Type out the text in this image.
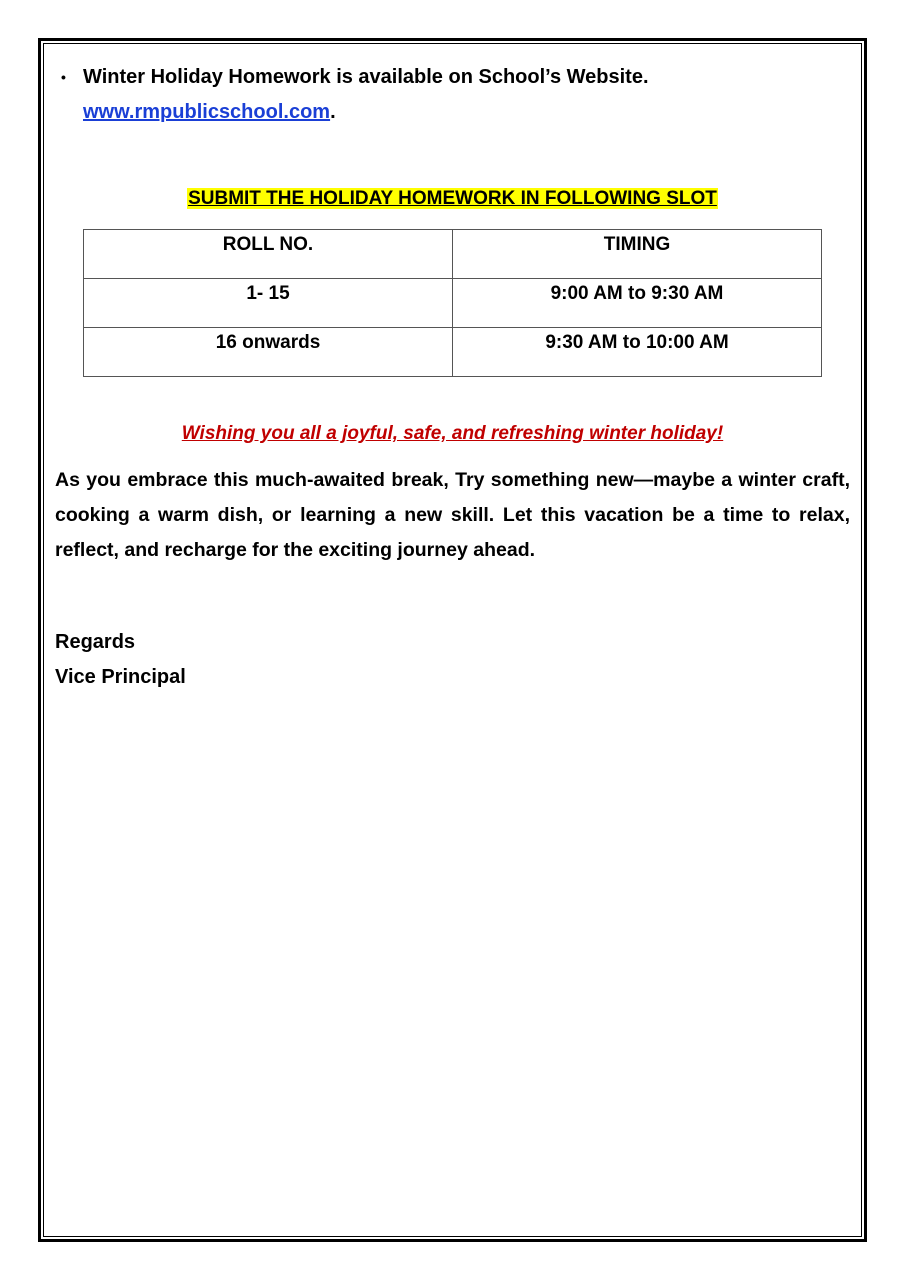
• Winter Holiday Homework is available on School’s Website.
www.rmpublicschool.com.
SUBMIT THE HOLIDAY HOMEWORK IN FOLLOWING SLOT
ROLL NO.	TIMING
1- 15	9:00 AM to 9:30 AM
16 onwards	9:30 AM to 10:00 AM
Wishing you all a joyful, safe, and refreshing winter holiday!
As you embrace this much-awaited break, Try something new—maybe a winter craft, cooking a warm dish, or learning a new skill. Let this vacation be a time to relax, reflect, and recharge for the exciting journey ahead.
Regards
Vice Principal
